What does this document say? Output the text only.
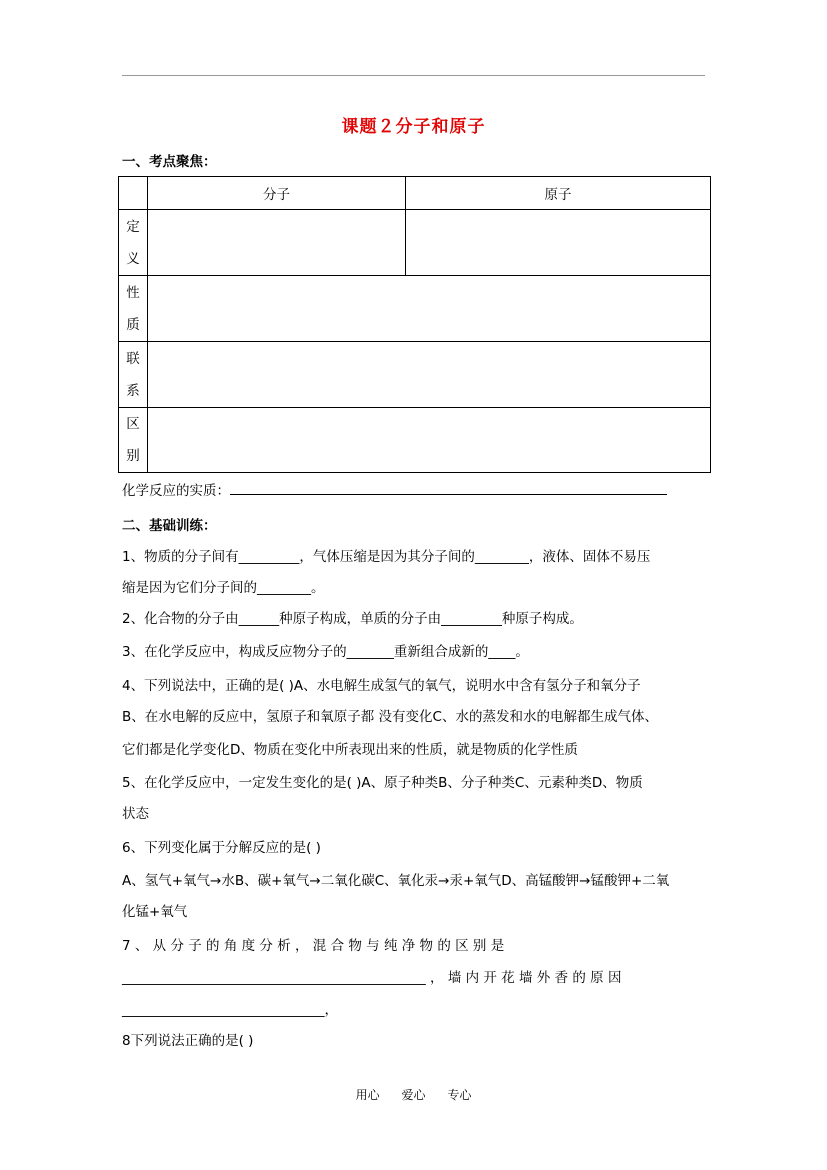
课题２分子和原子
一、考点聚焦：
	分子	原子

定
义		

性
质		

联
系		

区
别		

化学反应的实质：
二、基础训练：
1、物质的分子间有_________，气体压缩是因为其分子间的________，液体、固体不易压
缩是因为它们分子间的________。
2、化合物的分子由______种原子构成，单质的分子由_________种原子构成。
3、在化学反应中，构成反应物分子的_______重新组合成新的____。
4、下列说法中，正确的是( )A、水电解生成氢气的氧气，说明水中含有氢分子和氧分子
B、在水电解的反应中，氢原子和氧原子都 没有变化C、水的蒸发和水的电解都生成气体、
它们都是化学变化D、物质在变化中所表现出来的性质，就是物质的化学性质
5、在化学反应中，一定发生变化的是( )A、原子种类B、分子种类C、元素种类D、物质
状态
6、下列变化属于分解反应的是( )
A、氢气+氧气→水B、碳+氧气→二氧化碳C、氧化汞→汞+氧气D、高锰酸钾→锰酸钾+二氧
化锰+氧气
7 、 从 分 子 的 角 度 分 析 ， 混 合 物 与 纯 净 物 的 区 别 是
_____________________________________________ ， 墙 内 开 花 墙 外 香 的 原 因
______________________________，
8下列说法正确的是( )
用心 爱心 专心
